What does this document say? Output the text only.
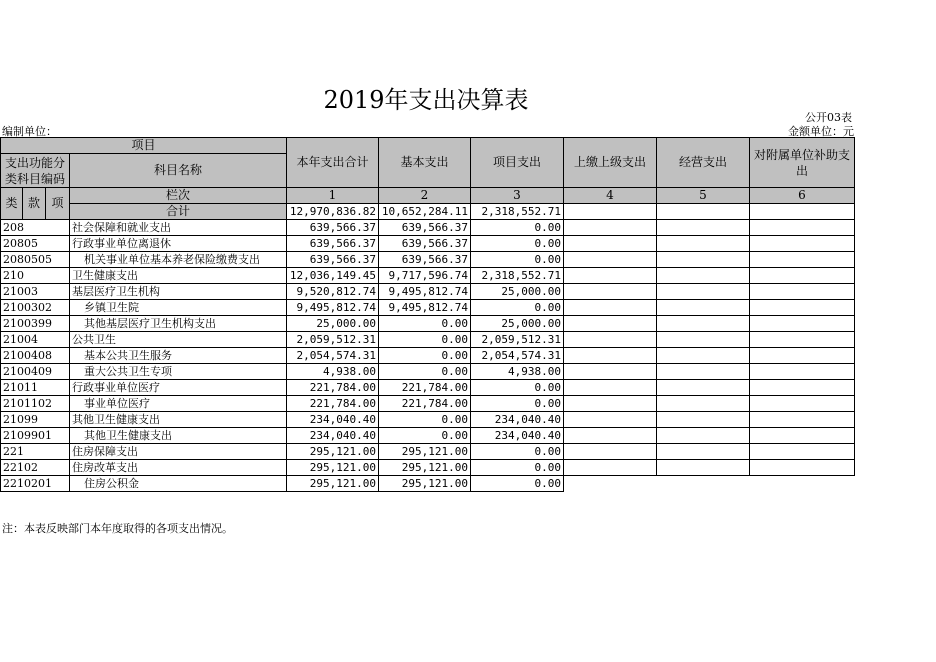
2019年支出决算表
公开03表
编制单位：	金额单位：元
项目				本年支出合计	基本支出	项目支出	上缴上级支出	经营支出	对附属单位补助支出
支出功能分类科目编码			科目名称						

类	款	项	栏次	1	2	3	4	5	6
			合计	12,970,836.82	10,652,284.11	2,318,552.71			
208			社会保障和就业支出	639,566.37	639,566.37	0.00			
20805			行政事业单位离退休	639,566.37	639,566.37	0.00			
2080505			机关事业单位基本养老保险缴费支出	639,566.37	639,566.37	0.00			
210			卫生健康支出	12,036,149.45	9,717,596.74	2,318,552.71			
21003			基层医疗卫生机构	9,520,812.74	9,495,812.74	25,000.00			
2100302			乡镇卫生院	9,495,812.74	9,495,812.74	0.00			
2100399			其他基层医疗卫生机构支出	25,000.00	0.00	25,000.00			
21004			公共卫生	2,059,512.31	0.00	2,059,512.31			
2100408			基本公共卫生服务	2,054,574.31	0.00	2,054,574.31			
2100409			重大公共卫生专项	4,938.00	0.00	4,938.00			
21011			行政事业单位医疗	221,784.00	221,784.00	0.00			
2101102			事业单位医疗	221,784.00	221,784.00	0.00			
21099			其他卫生健康支出	234,040.40	0.00	234,040.40			
2109901			其他卫生健康支出	234,040.40	0.00	234,040.40			
221			住房保障支出	295,121.00	295,121.00	0.00			
22102			住房改革支出	295,121.00	295,121.00	0.00			
2210201			住房公积金	295,121.00	295,121.00	0.00			
注：本表反映部门本年度取得的各项支出情况。
